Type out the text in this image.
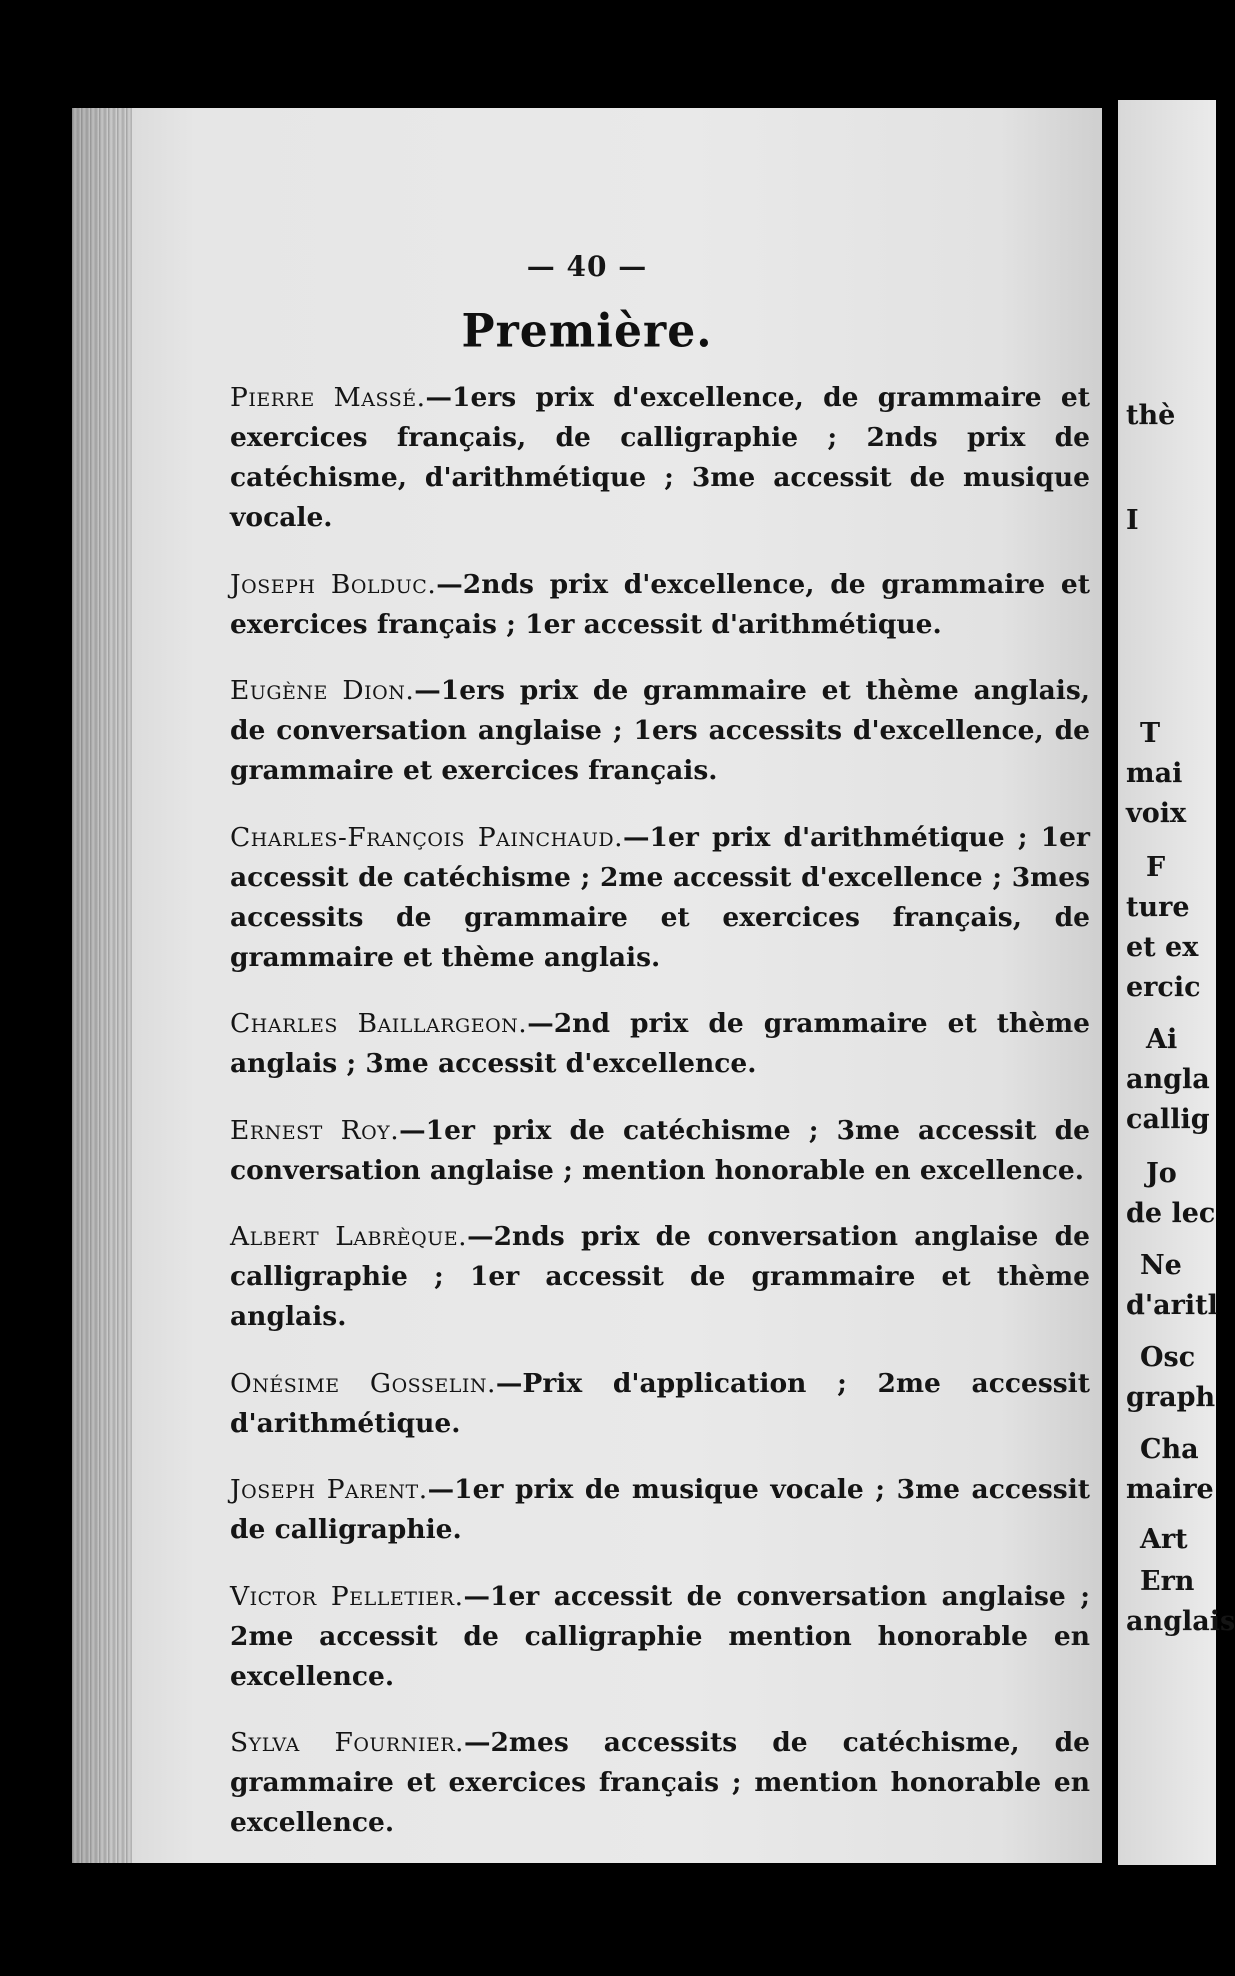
— 40 —
Première.

Pierre Massé.—1ers prix d'excellence, de grammaire et exercices français, de calligraphie ; 2nds prix de catéchisme, d'arithmétique ; 3me accessit de musique vocale.

Joseph Bolduc.—2nds prix d'excellence, de grammaire et exercices français ; 1er accessit d'arithmétique.

Eugène Dion.—1ers prix de grammaire et thème anglais, de conversation anglaise ; 1ers accessits d'excellence, de grammaire et exercices français.

Charles-François Painchaud.—1er prix d'arithmétique ; 1er accessit de catéchisme ; 2me accessit d'excellence ; 3mes accessits de grammaire et exercices français, de grammaire et thème anglais.

Charles Baillargeon.—2nd prix de grammaire et thème anglais ; 3me accessit d'excellence.

Ernest Roy.—1er prix de catéchisme ; 3me accessit de conversation anglaise ; mention honorable en excellence.

Albert Labrèque.—2nds prix de conversation anglaise de calligraphie ; 1er accessit de grammaire et thème anglais.

Onésime Gosselin.—Prix d'application ; 2me accessit d'arithmétique.

Joseph Parent.—1er prix de musique vocale ; 3me accessit de calligraphie.

Victor Pelletier.—1er accessit de conversation anglaise ; 2me accessit de calligraphie mention honorable en excellence.

Sylva Fournier.—2mes accessits de catéchisme, de grammaire et exercices français ; mention honorable en excellence.

thè
I
T
mai
voix
F
ture
et ex
ercic
Ai
angla
callig
Jo
de lec
Ne
d'aritl
Osc
graph
Cha
maire
Art
Ern
anglais
